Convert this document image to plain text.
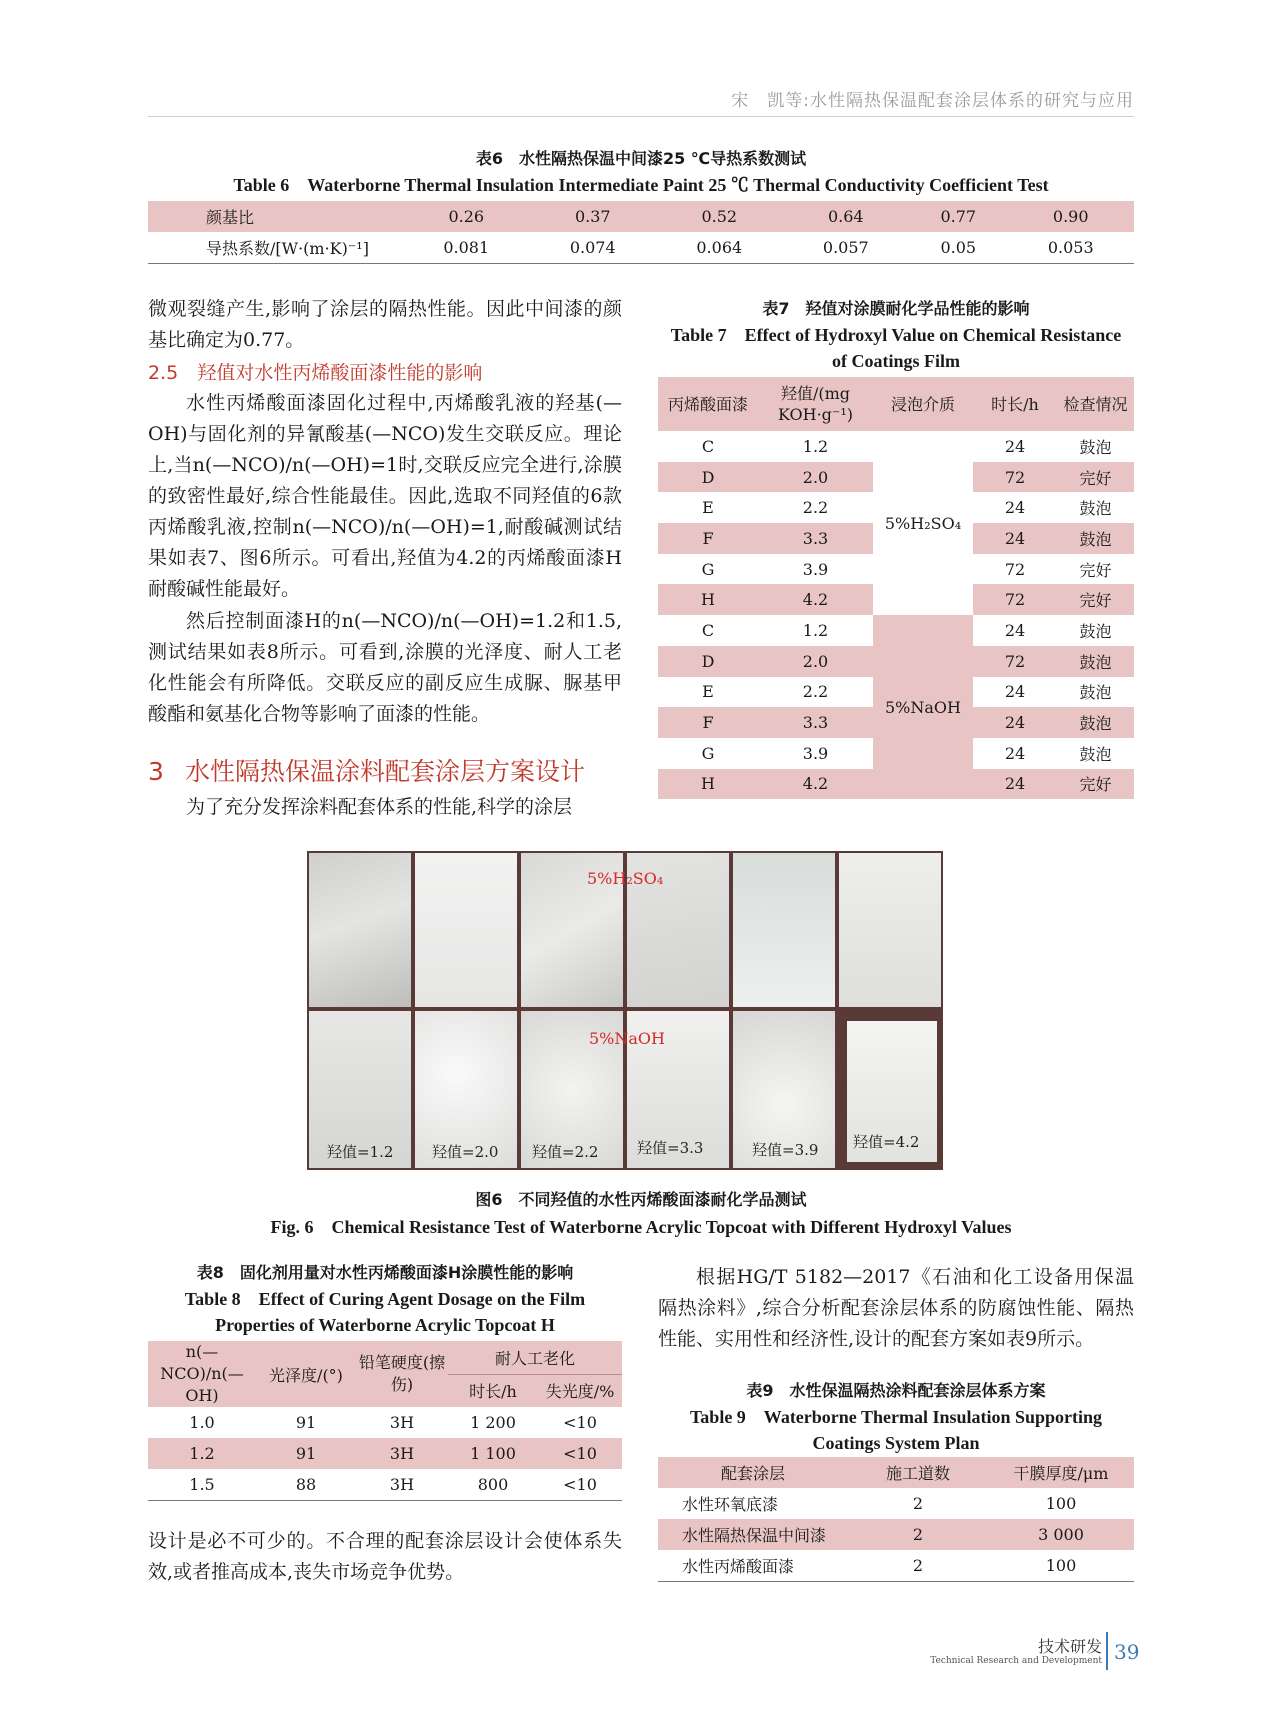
宋　凯等:水性隔热保温配套涂层体系的研究与应用
表6　水性隔热保温中间漆25 ℃导热系数测试
Table 6　Waterborne Thermal Insulation Intermediate Paint 25 ℃ Thermal Conductivity Coefficient Test
颜基比	0.26	0.37	0.52	0.64	0.77	0.90
导热系数/[W·(m·K)⁻¹]	0.081	0.074	0.064	0.057	0.05	0.053
微观裂缝产生,影响了涂层的隔热性能。因此中间漆的颜基比确定为0.77。
2.5 羟值对水性丙烯酸面漆性能的影响
水性丙烯酸面漆固化过程中,丙烯酸乳液的羟基(—OH)与固化剂的异氰酸基(—NCO)发生交联反应。理论上,当n(—NCO)/n(—OH)=1时,交联反应完全进行,涂膜的致密性最好,综合性能最佳。因此,选取不同羟值的6款丙烯酸乳液,控制n(—NCO)/n(—OH)=1,耐酸碱测试结果如表7、图6所示。可看出,羟值为4.2的丙烯酸面漆H耐酸碱性能最好。
然后控制面漆H的n(—NCO)/n(—OH)=1.2和1.5,测试结果如表8所示。可看到,涂膜的光泽度、耐人工老化性能会有所降低。交联反应的副反应生成脲、脲基甲酸酯和氨基化合物等影响了面漆的性能。
3 水性隔热保温涂料配套涂层方案设计
为了充分发挥涂料配套体系的性能,科学的涂层
表7　羟值对涂膜耐化学品性能的影响
Table 7　Effect of Hydroxyl Value on Chemical Resistance
of Coatings Film
丙烯酸面漆	羟值/(mg KOH·g⁻¹)	浸泡介质	时长/h	检查情况
C	1.2	5%H₂SO₄	24	鼓泡
D	2.0		72	完好
E	2.2		24	鼓泡
F	3.3		24	鼓泡
G	3.9		72	完好
H	4.2		72	完好
C	1.2	5%NaOH	24	鼓泡
D	2.0		72	鼓泡
E	2.2		24	鼓泡
F	3.3		24	鼓泡
G	3.9		24	鼓泡
H	4.2		24	完好
5%H₂SO₄
5%NaOH
羟值=1.2	羟值=2.0 羟值=2.2	羟值=3.3	羟值=3.9 羟值=4.2
图6　不同羟值的水性丙烯酸面漆耐化学品测试
Fig. 6　Chemical Resistance Test of Waterborne Acrylic Topcoat with Different Hydroxyl Values
表8　固化剂用量对水性丙烯酸面漆H涂膜性能的影响
Table 8　Effect of Curing Agent Dosage on the Film
Properties of Waterborne Acrylic Topcoat H
n(—NCO)/n(—OH)	光泽度/(°)	铅笔硬度(擦伤)	耐人工老化	
			时长/h	失光度/%
1.0	91	3H	1 200	<10
1.2	91	3H	1 100	<10
1.5	88	3H	800	<10
设计是必不可少的。不合理的配套涂层设计会使体系失效,或者推高成本,丧失市场竞争优势。
根据HG/T 5182—2017《石油和化工设备用保温隔热涂料》,综合分析配套涂层体系的防腐蚀性能、隔热性能、实用性和经济性,设计的配套方案如表9所示。
表9　水性保温隔热涂料配套涂层体系方案
Table 9　Waterborne Thermal Insulation Supporting
Coatings System Plan
配套涂层	施工道数	干膜厚度/μm
水性环氧底漆	2	100
水性隔热保温中间漆	2	3 000
水性丙烯酸面漆	2	100
技术研发
Technical Research and Development 39
